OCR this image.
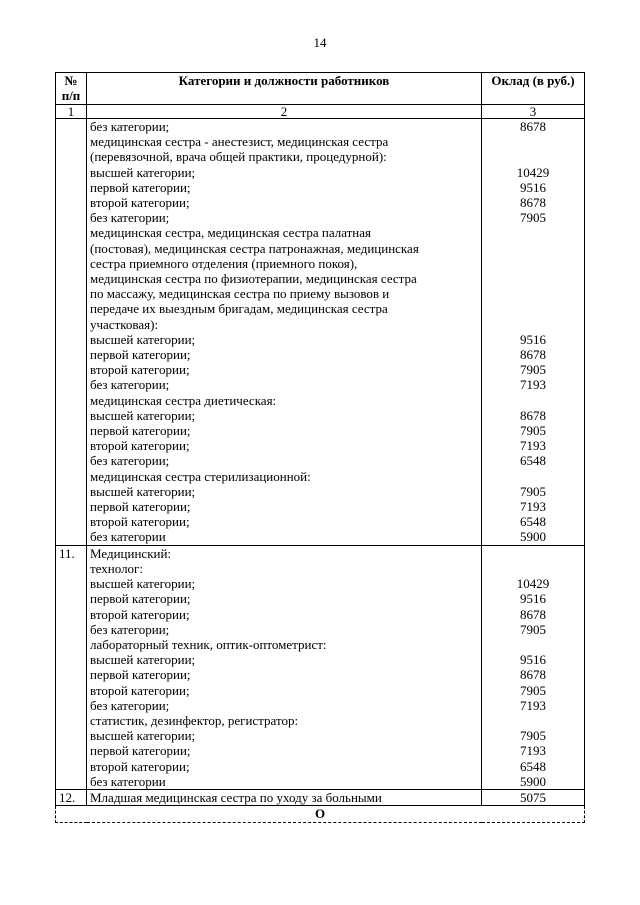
14
№ п/п	Категории и должности работников	Оклад (в руб.)
1	2	3
	без категории;	8678
	медицинская сестра - анестезист, медицинская сестра	
	(перевязочной, врача общей практики, процедурной):	
	высшей категории;	10429
	первой категории;	9516
	второй категории;	8678
	без категории;	7905
	медицинская сестра, медицинская сестра палатная	
	(постовая), медицинская сестра патронажная, медицинская	
	сестра приемного отделения (приемного покоя),	
	медицинская сестра по физиотерапии, медицинская сестра	
	по массажу, медицинская сестра по приему вызовов и	
	передаче их выездным бригадам, медицинская сестра	
	участковая):	
	высшей категории;	9516
	первой категории;	8678
	второй категории;	7905
	без категории;	7193
	медицинская сестра диетическая:	
	высшей категории;	8678
	первой категории;	7905
	второй категории;	7193
	без категории;	6548
	медицинская сестра стерилизационной:	
	высшей категории;	7905
	первой категории;	7193
	второй категории;	6548
	без категории	5900
11.	Медицинский:	
	технолог:	
	высшей категории;	10429
	первой категории;	9516
	второй категории;	8678
	без категории;	7905
	лабораторный техник, оптик-оптометрист:	
	высшей категории;	9516
	первой категории;	8678
	второй категории;	7905
	без категории;	7193
	статистик, дезинфектор, регистратор:	
	высшей категории;	7905
	первой категории;	7193
	второй категории;	6548
	без категории	5900
12.	Младшая медицинская сестра по уходу за больными	5075
О		
